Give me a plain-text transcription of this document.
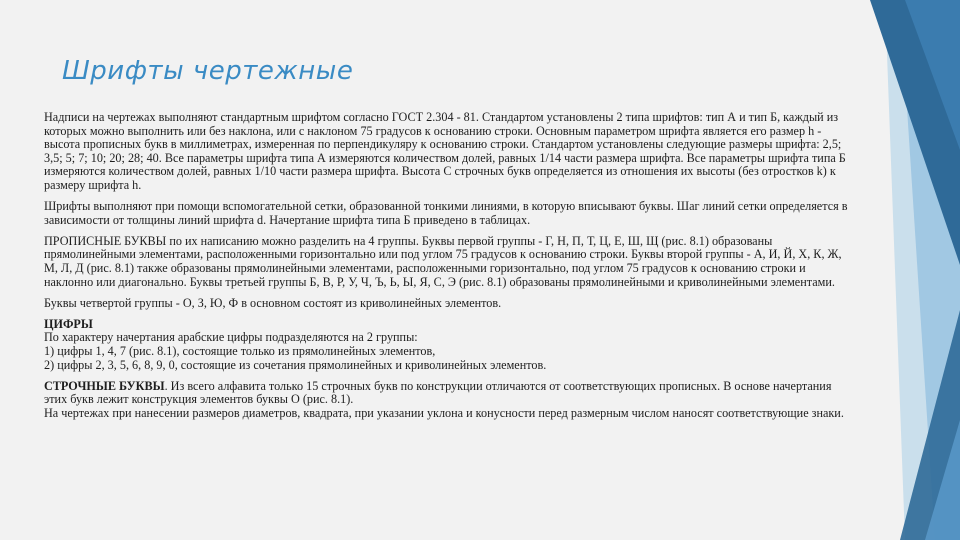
Шрифты чертежные

Надписи на чертежах выполняют стандартным шрифтом согласно ГОСТ 2.304 - 81. Стандартом установлены 2 типа шрифтов: тип А и тип Б, каждый из которых можно выполнить или без наклона, или с наклоном 75 градусов к основанию строки. Основным параметром шрифта является его размер h - высота прописных букв в миллиметрах, измеренная по перпендикуляру к основанию строки. Стандартом установлены следующие размеры шрифта: 2,5; 3,5; 5; 7; 10; 20; 28; 40. Все параметры шрифта типа А измеряются количеством долей, равных 1/14 части размера шрифта. Все параметры шрифта типа Б измеряются количеством долей, равных 1/10 части размера шрифта. Высота С строчных букв определяется из отношения их высоты (без отростков k) к размеру шрифта h.

Шрифты выполняют при помощи вспомогательной сетки, образованной тонкими линиями, в которую вписывают буквы. Шаг линий сетки определяется в зависимости от толщины линий шрифта d. Начертание шрифта типа Б приведено в таблицах.

ПРОПИСНЫЕ БУКВЫ по их написанию можно разделить на 4 группы. Буквы первой группы - Г, Н, П, Т, Ц, Е, Ш, Щ (рис. 8.1) образованы прямолинейными элементами, расположенными горизонтально или под углом 75 градусов к основанию строки. Буквы второй группы - А, И, Й, Х, К, Ж, М, Л, Д (рис. 8.1) также образованы прямолинейными элементами, расположенными горизонтально, под углом 75 градусов к основанию строки и наклонно или диагонально. Буквы третьей группы Б, В, Р, У, Ч, Ъ, Ь, Ы, Я, С, Э (рис. 8.1) образованы прямолинейными и криволинейными элементами.

Буквы четвертой группы - О, З, Ю, Ф в основном состоят из криволинейных элементов.

ЦИФРЫ
По характеру начертания арабские цифры подразделяются на 2 группы:
1) цифры 1, 4, 7 (рис. 8.1), состоящие только из прямолинейных элементов,
2) цифры 2, 3, 5, 6, 8, 9, 0, состоящие из сочетания прямолинейных и криволинейных элементов.

СТРОЧНЫЕ БУКВЫ. Из всего алфавита только 15 строчных букв по конструкции отличаются от соответствующих прописных. В основе начертания этих букв лежит конструкция элементов буквы О (рис. 8.1).
На чертежах при нанесении размеров диаметров, квадрата, при указании уклона и конусности перед размерным числом наносят соответствующие знаки.
